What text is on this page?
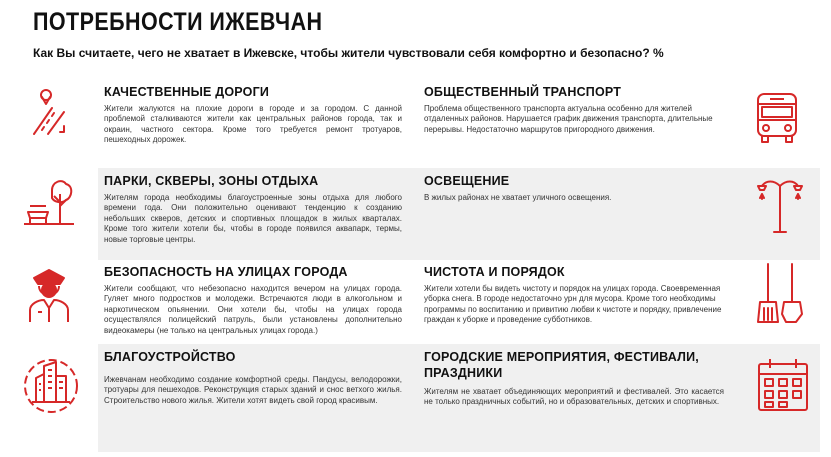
ПОТРЕБНОСТИ ИЖЕВЧАН
Как Вы считаете, чего не хватает в Ижевске, чтобы жители чувствовали себя комфортно и безопасно? %
КАЧЕСТВЕННЫЕ ДОРОГИ

Жители жалуются на плохие дороги в городе и за городом. С данной проблемой сталкиваются жители как центральных районов города, так и окраин, частного сектора. Кроме того требуется ремонт тротуаров, пешеходных дорожек.

ОБЩЕСТВЕННЫЙ ТРАНСПОРТ

Проблема общественного транспорта актуальна особенно для жителей отдаленных районов. Нарушается график движения транспорта, длительные перерывы. Недостаточно маршрутов пригородного движения.

ПАРКИ, СКВЕРЫ, ЗОНЫ ОТДЫХА

Жителям города необходимы благоустроенные зоны отдыха для любого времени года. Они положительно оценивают тенденцию к созданию небольших скверов, детских и спортивных площадок в жилых кварталах. Кроме того жители хотели бы, чтобы в городе появился аквапарк, термы, новые торговые центры.

ОСВЕЩЕНИЕ

В жилых районах не хватает уличного освещения.

БЕЗОПАСНОСТЬ НА УЛИЦАХ ГОРОДА

Жители сообщают, что небезопасно находится вечером на улицах города. Гуляет много подростков и молодежи. Встречаются люди в алкогольном и наркотическом опьянении. Они хотели бы, чтобы на улицах города осуществлялся полицейский патруль, были установлены дополнительно видеокамеры (не только на центральных улицах города.)

ЧИСТОТА И ПОРЯДОК

Жители хотели бы видеть чистоту и порядок на улицах города. Своевременная уборка снега. В городе недостаточно урн для мусора. Кроме того необходимы программы по воспитанию и привитию любви к чистоте и порядку, привлечение граждан к уборке и проведение субботников.

БЛАГОУСТРОЙСТВО

Ижевчанам необходимо создание комфортной среды. Пандусы, велодорожки, тротуары для пешеходов. Реконструкция старых зданий и снос ветхого жилья. Строительство нового жилья. Жители хотят видеть свой город красивым.

ГОРОДСКИЕ МЕРОПРИЯТИЯ, ФЕСТИВАЛИ, ПРАЗДНИКИ

Жителям не хватает объединяющих мероприятий и фестивалей. Это касается не только праздничных событий, но и образовательных, детских и спортивных.
